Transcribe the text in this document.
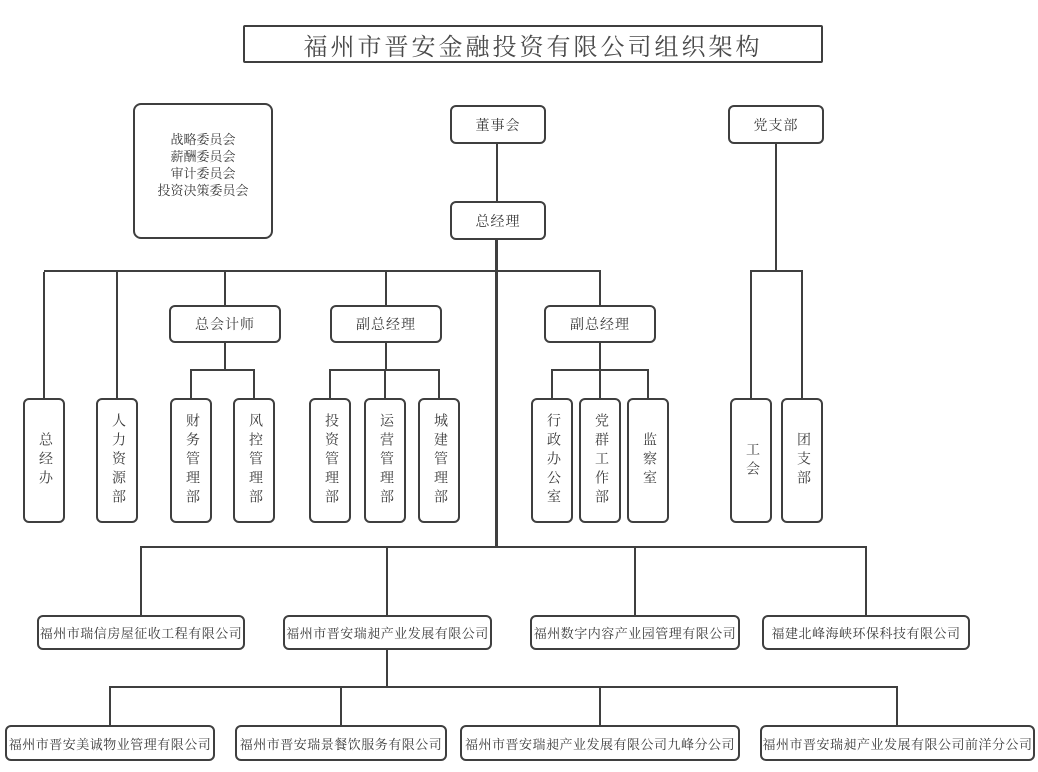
福州市晋安金融投资有限公司组织架构
战略委员会
薪酬委员会
审计委员会
投资决策委员会
董事会	党支部
总经理
总会计师	副总经理	副总经理
总经办	人力资源部	财务管理部	风控管理部	投资管理部	运营管理部	城建管理部	行政办公室 党群工作部 监察室	工会	团支部
福州市瑞信房屋征收工程有限公司	福州市晋安瑞昶产业发展有限公司	福州数字内容产业园管理有限公司	福建北峰海峡环保科技有限公司
福州市晋安美诚物业管理有限公司 福州市晋安瑞景餐饮服务有限公司 福州市晋安瑞昶产业发展有限公司九峰分公司 福州市晋安瑞昶产业发展有限公司前洋分公司
